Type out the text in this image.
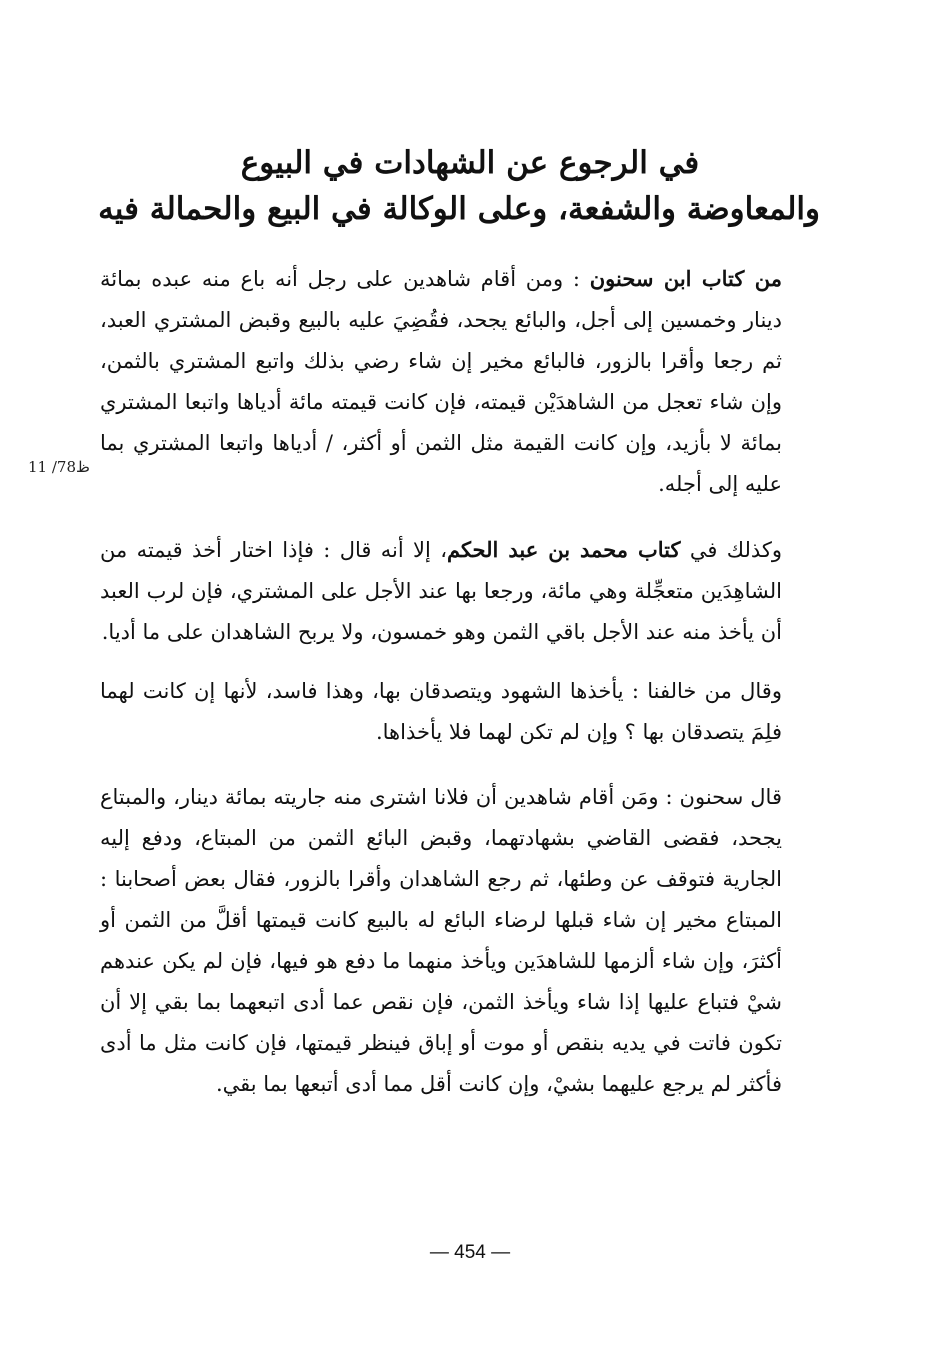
في الرجوع عن الشهادات في البيوع
والمعاوضة والشفعة، وعلى الوكالة في البيع والحمالة فيه
ظ78/ 11

من كتاب ابن سحنون : ومن أقام شاهدين على رجل أنه باع منه عبده بمائة دينار وخمسين إلى أجل، والبائع يجحد، فقُضِيَ عليه بالبيع وقبض المشتري العبد، ثم رجعا وأقرا بالزور، فالبائع مخير إن شاء رضي بذلك واتبع المشتري بالثمن، وإن شاء تعجل من الشاهدَيْن قيمته، فإن كانت قيمته مائة أدياها واتبعا المشتري بمائة لا بأزيد، وإن كانت القيمة مثل الثمن أو أكثر، / أدياها واتبعا المشتري بما عليه إلى أجله.

وكذلك في كتاب محمد بن عبد الحكم، إلا أنه قال : فإذا اختار أخذ قيمته من الشاهِدَين متعجِّلة وهي مائة، ورجعا بها عند الأجل على المشتري، فإن لرب العبد أن يأخذ منه عند الأجل باقي الثمن وهو خمسون، ولا يربح الشاهدان على ما أديا.

وقال من خالفنا : يأخذها الشهود ويتصدقان بها، وهذا فاسد، لأنها إن كانت لهما فلِمَ يتصدقان بها ؟ وإن لم تكن لهما فلا يأخذاها.

قال سحنون : ومَن أقام شاهدين أن فلانا اشترى منه جاريته بمائة دينار، والمبتاع يجحد، فقضى القاضي بشهادتهما، وقبض البائع الثمن من المبتاع، ودفع إليه الجارية فتوقف عن وطئها، ثم رجع الشاهدان وأقرا بالزور، فقال بعض أصحابنا : المبتاع مخير إن شاء قبلها لرضاء البائع له بالبيع كانت قيمتها أقلَّ من الثمن أو أكثرَ، وإن شاء ألزمها للشاهدَين ويأخذ منهما ما دفع هو فيها، فإن لم يكن عندهم شيْ فتباع عليها إذا شاء ويأخذ الثمن، فإن نقص عما أدى اتبعهما بما بقي إلا أن تكون فاتت في يديه بنقص أو موت أو إباق فينظر قيمتها، فإن كانت مثل ما أدى فأكثر لم يرجع عليهما بشيْ، وإن كانت أقل مما أدى أتبعها بما بقي.

— 454 —
